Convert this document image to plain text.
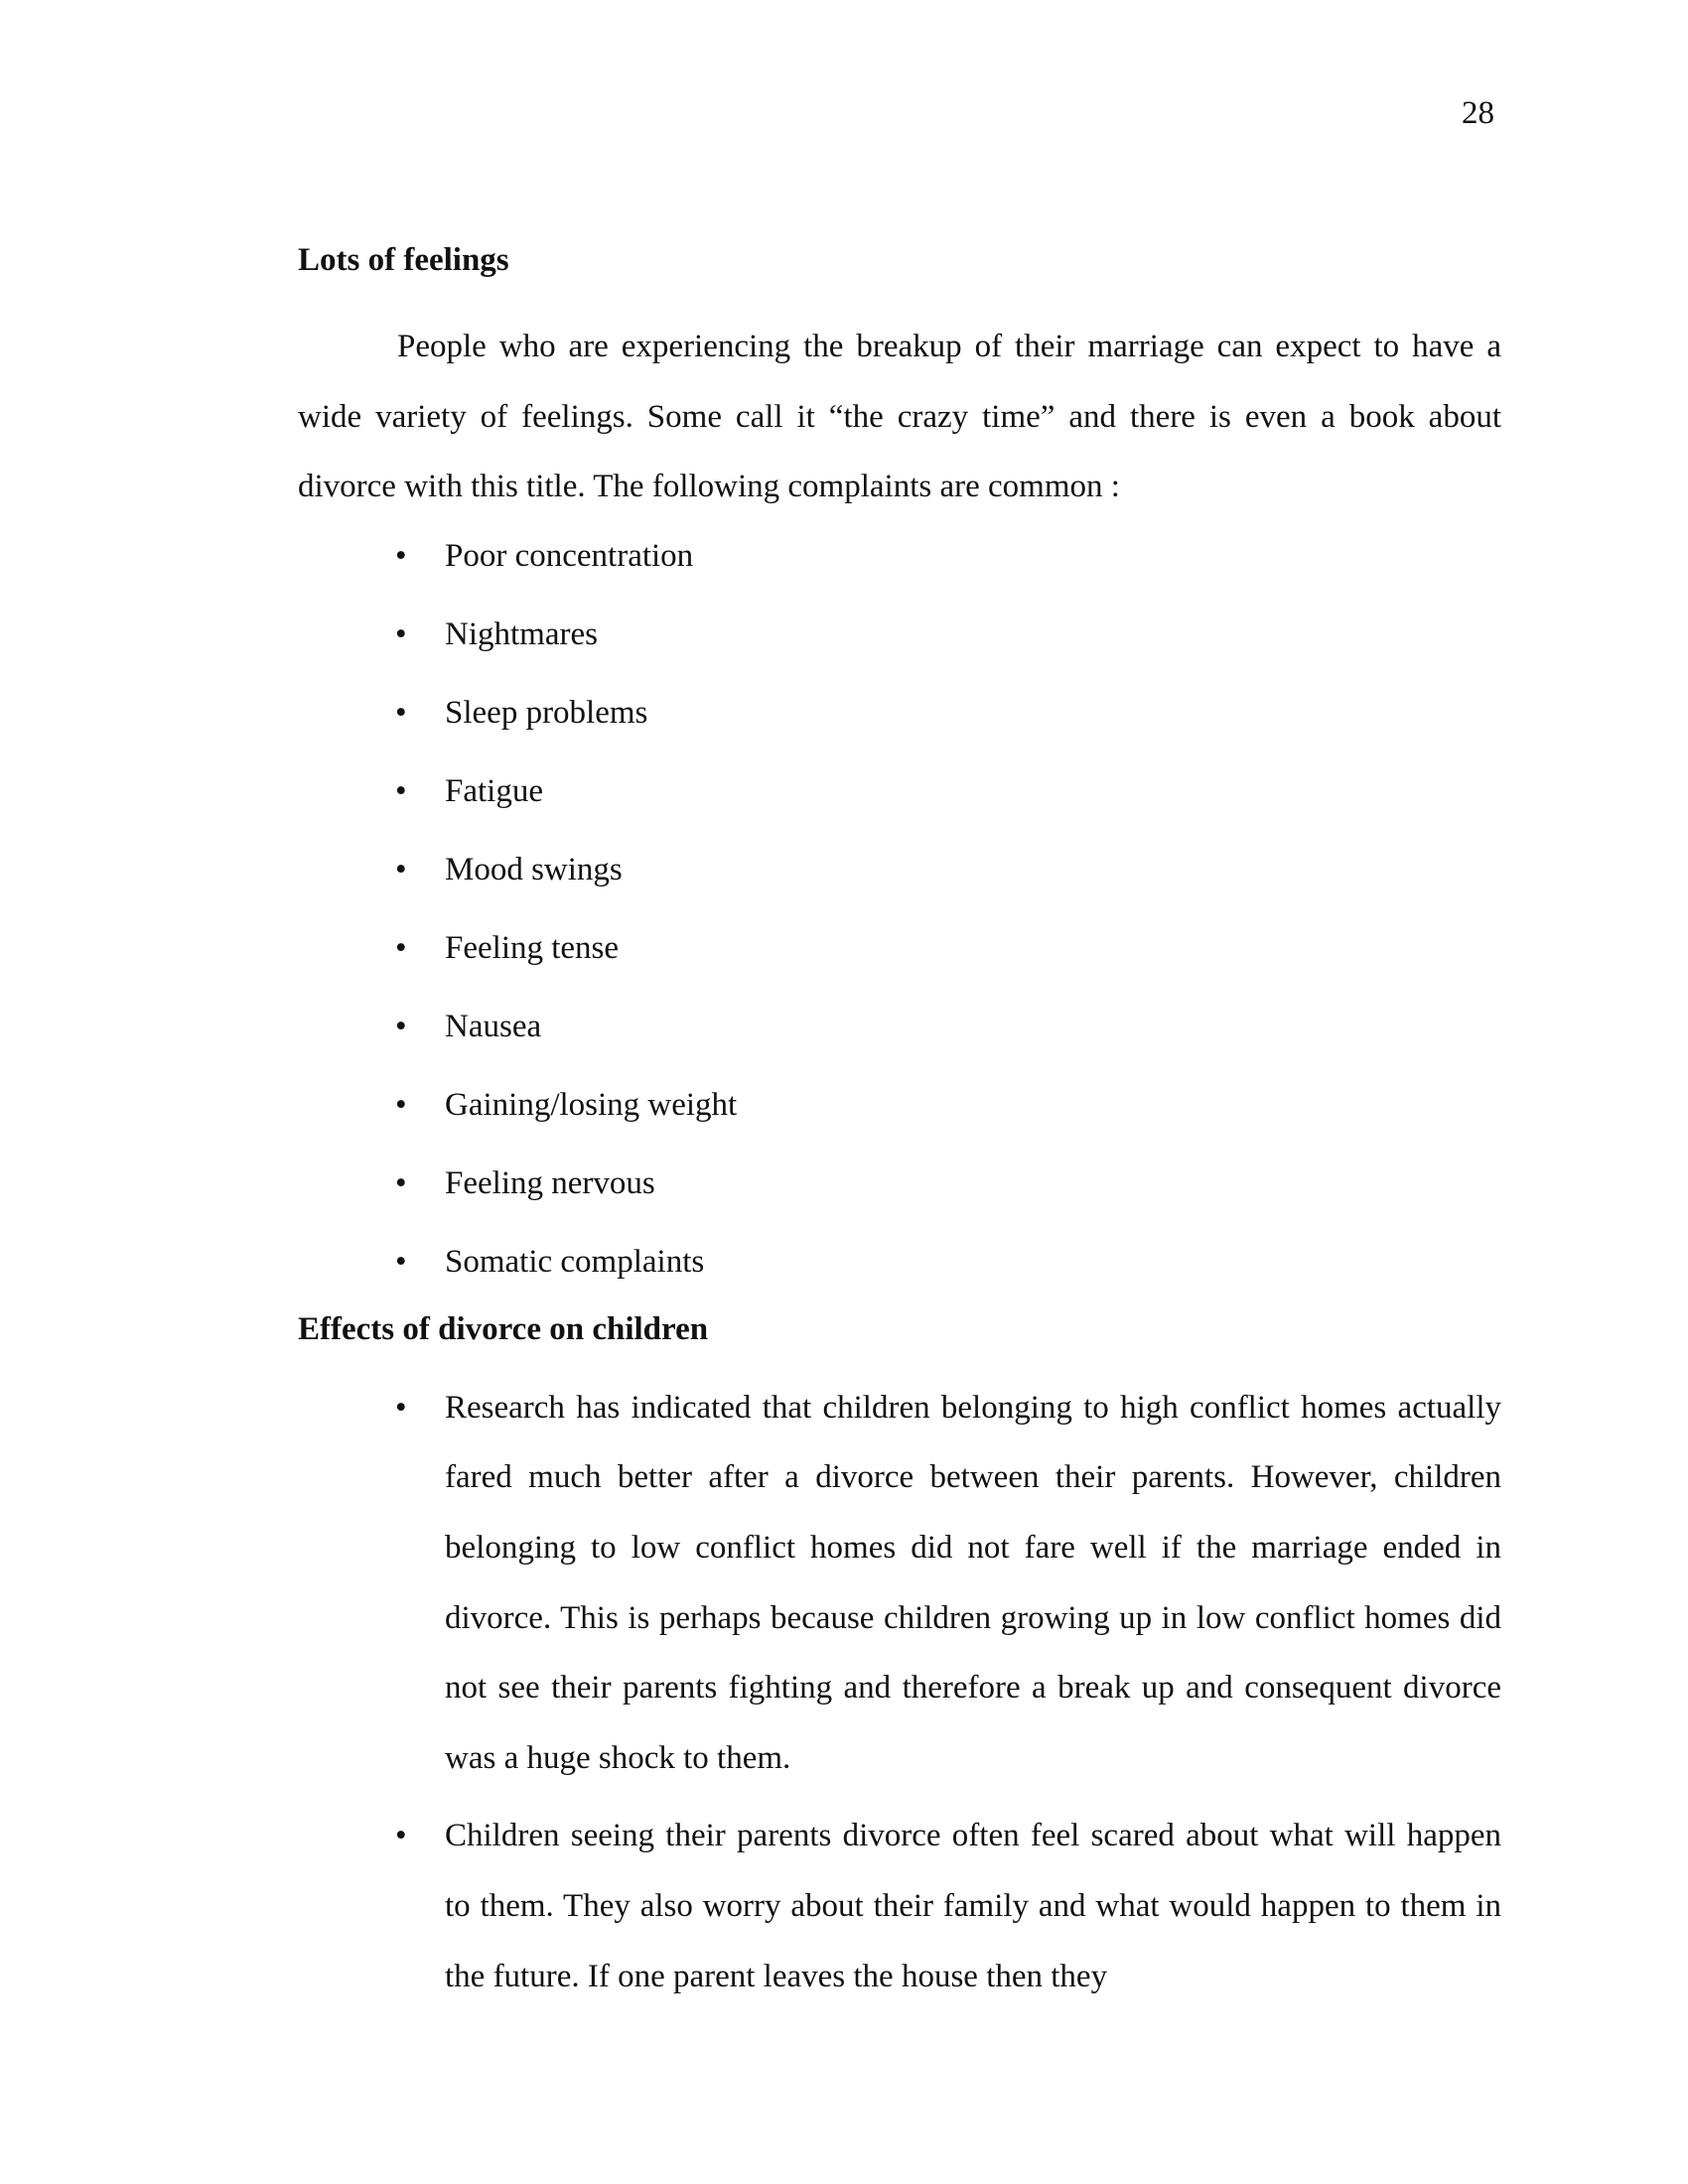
28
Lots of feelings

People who are experiencing the breakup of their marriage can expect to have a wide variety of feelings. Some call it “the crazy time” and there is even a book about divorce with this title. The following complaints are common :

• Poor concentration
• Nightmares
• Sleep problems
• Fatigue
• Mood swings
• Feeling tense
• Nausea
• Gaining/losing weight
• Feeling nervous
• Somatic complaints
Effects of divorce on children
• Research has indicated that children belonging to high conflict homes actually fared much better after a divorce between their parents. However, children belonging to low conflict homes did not fare well if the marriage ended in divorce. This is perhaps because children growing up in low conflict homes did not see their parents fighting and therefore a break up and consequent divorce was a huge shock to them.
• Children seeing their parents divorce often feel scared about what will happen to them. They also worry about their family and what would happen to them in the future. If one parent leaves the house then they
